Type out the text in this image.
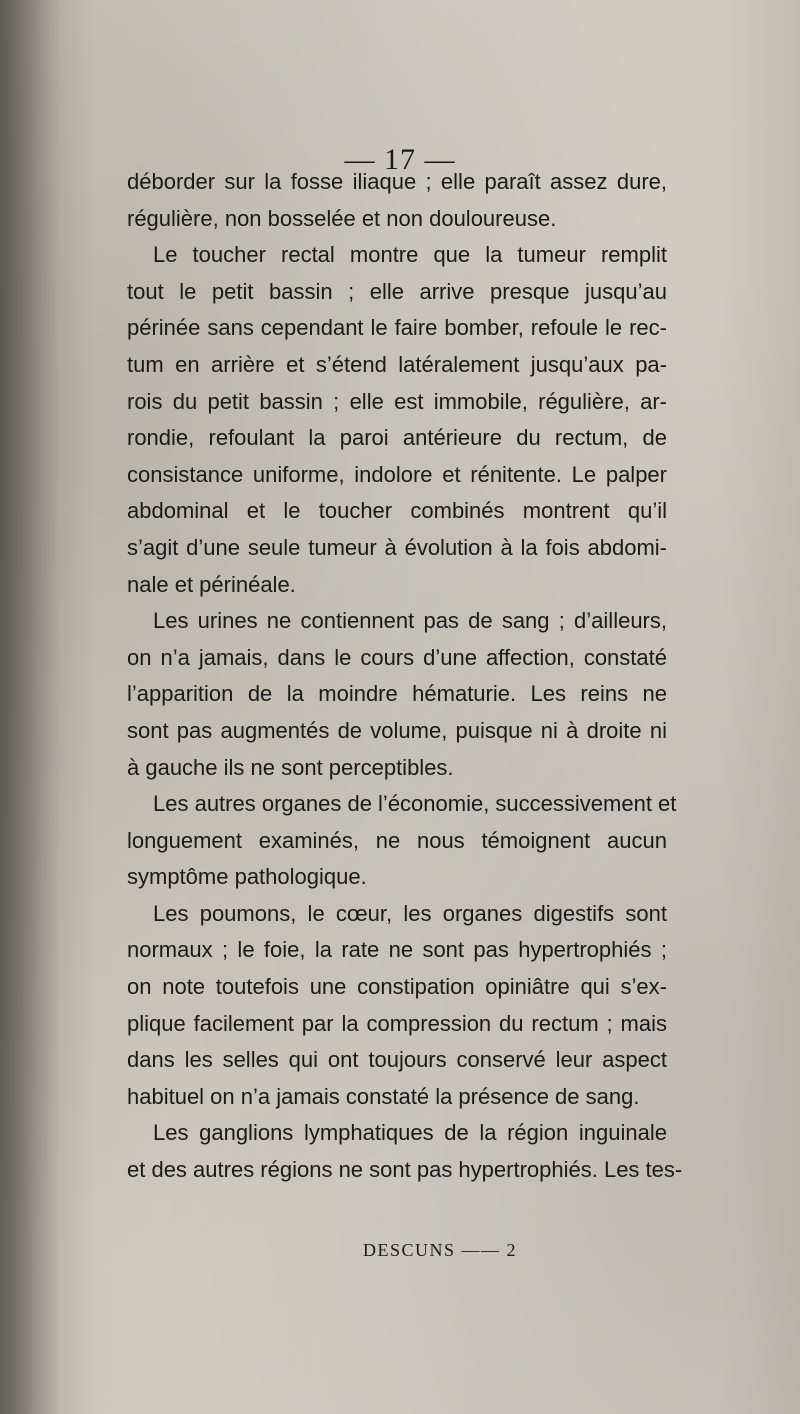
— 17 —
déborder sur la fosse iliaque ; elle paraît assez dure,
régulière, non bosselée et non douloureuse.
Le toucher rectal montre que la tumeur remplit
tout le petit bassin ; elle arrive presque jusqu’au
périnée sans cependant le faire bomber, refoule le rec-
tum en arrière et s’étend latéralement jusqu’aux pa-
rois du petit bassin ; elle est immobile, régulière, ar-
rondie, refoulant la paroi antérieure du rectum, de
consistance uniforme, indolore et rénitente. Le palper
abdominal et le toucher combinés montrent qu’il
s’agit d’une seule tumeur à évolution à la fois abdomi-
nale et périnéale.
Les urines ne contiennent pas de sang ; d’ailleurs,
on n’a jamais, dans le cours d’une affection, constaté
l’apparition de la moindre hématurie. Les reins ne
sont pas augmentés de volume, puisque ni à droite ni
à gauche ils ne sont perceptibles.
Les autres organes de l’économie, successivement et
longuement examinés, ne nous témoignent aucun
symptôme pathologique.
Les poumons, le cœur, les organes digestifs sont
normaux ; le foie, la rate ne sont pas hypertrophiés ;
on note toutefois une constipation opiniâtre qui s’ex-
plique facilement par la compression du rectum ; mais
dans les selles qui ont toujours conservé leur aspect
habituel on n’a jamais constaté la présence de sang.
Les ganglions lymphatiques de la région inguinale
et des autres régions ne sont pas hypertrophiés. Les tes-
DESCUNS —— 2
